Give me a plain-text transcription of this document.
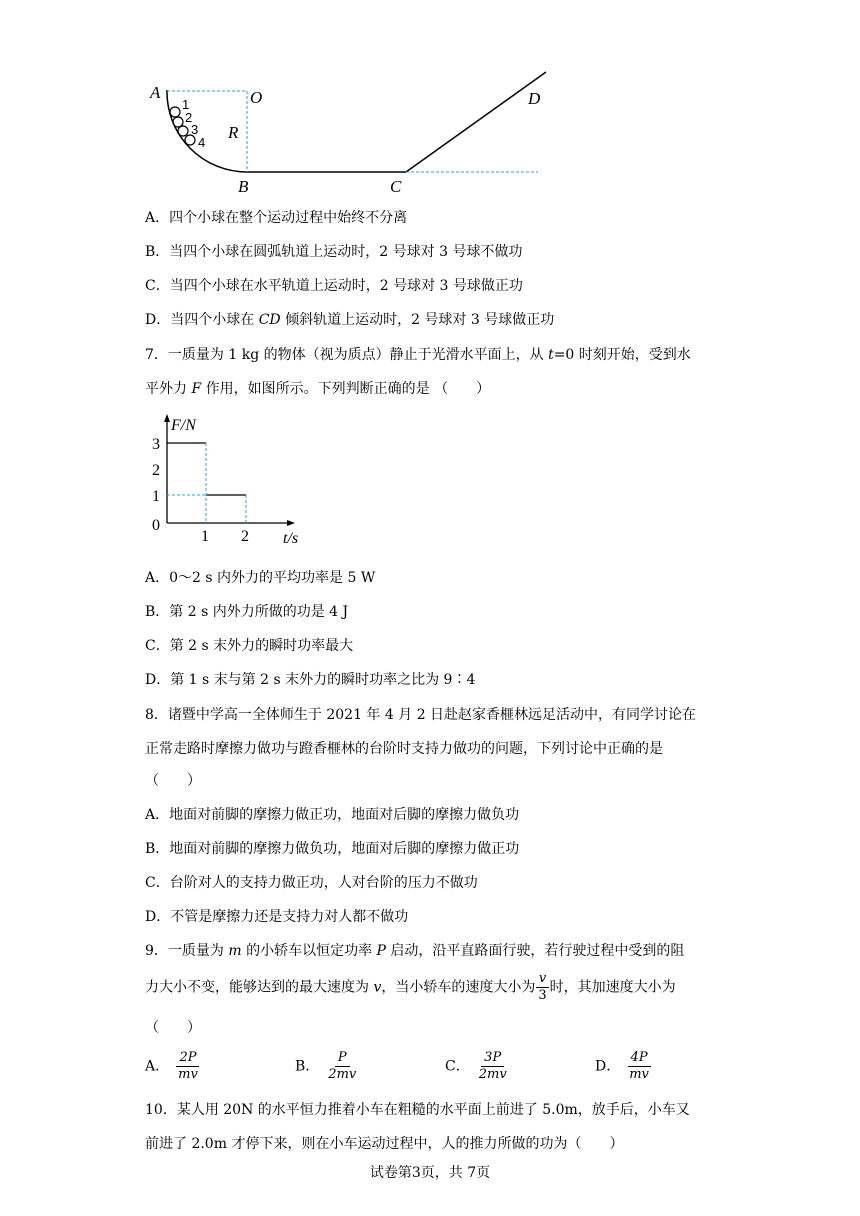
A	O
R
B	C
D
1
2
3
4
A．四个小球在整个运动过程中始终不分离
B．当四个小球在圆弧轨道上运动时，2 号球对 3 号球不做功
C．当四个小球在水平轨道上运动时，2 号球对 3 号球做正功
D．当四个小球在 CD 倾斜轨道上运动时，2 号球对 3 号球做正功
7．一质量为 1 kg 的物体（视为质点）静止于光滑水平面上，从 t=0 时刻开始，受到水
平外力 F 作用，如图所示。下列判断正确的是 （　　）
F/N
3
2
1
0
1 2 t/s
A．0～2 s 内外力的平均功率是 5 W
B．第 2 s 内外力所做的功是 4 J
C．第 2 s 末外力的瞬时功率最大
D．第 1 s 末与第 2 s 末外力的瞬时功率之比为 9∶4
8．诸暨中学高一全体师生于 2021 年 4 月 2 日赴赵家香榧林远足活动中，有同学讨论在
正常走路时摩擦力做功与蹬香榧林的台阶时支持力做功的问题，下列讨论中正确的是
（　　）
A．地面对前脚的摩擦力做正功，地面对后脚的摩擦力做负功
B．地面对前脚的摩擦力做负功，地面对后脚的摩擦力做正功
C．台阶对人的支持力做正功，人对台阶的压力不做功
D．不管是摩擦力还是支持力对人都不做功
9．一质量为 m 的小轿车以恒定功率 P 启动，沿平直路面行驶，若行驶过程中受到的阻
力大小不变，能够达到的最大速度为 v，当小轿车的速度大小为 $\frac{v}{3}$ 时，其加速度大小为
（　　）
A． $\frac{2P}{mv}$	B． $\frac{P}{2mv}$	C． $\frac{3P}{2mv}$	D． $\frac{4P}{mv}$
10．某人用 20N 的水平恒力推着小车在粗糙的水平面上前进了 5.0m，放手后，小车又
前进了 2.0m 才停下来，则在小车运动过程中，人的推力所做的功为（　　）
试卷第3页，共 7页
